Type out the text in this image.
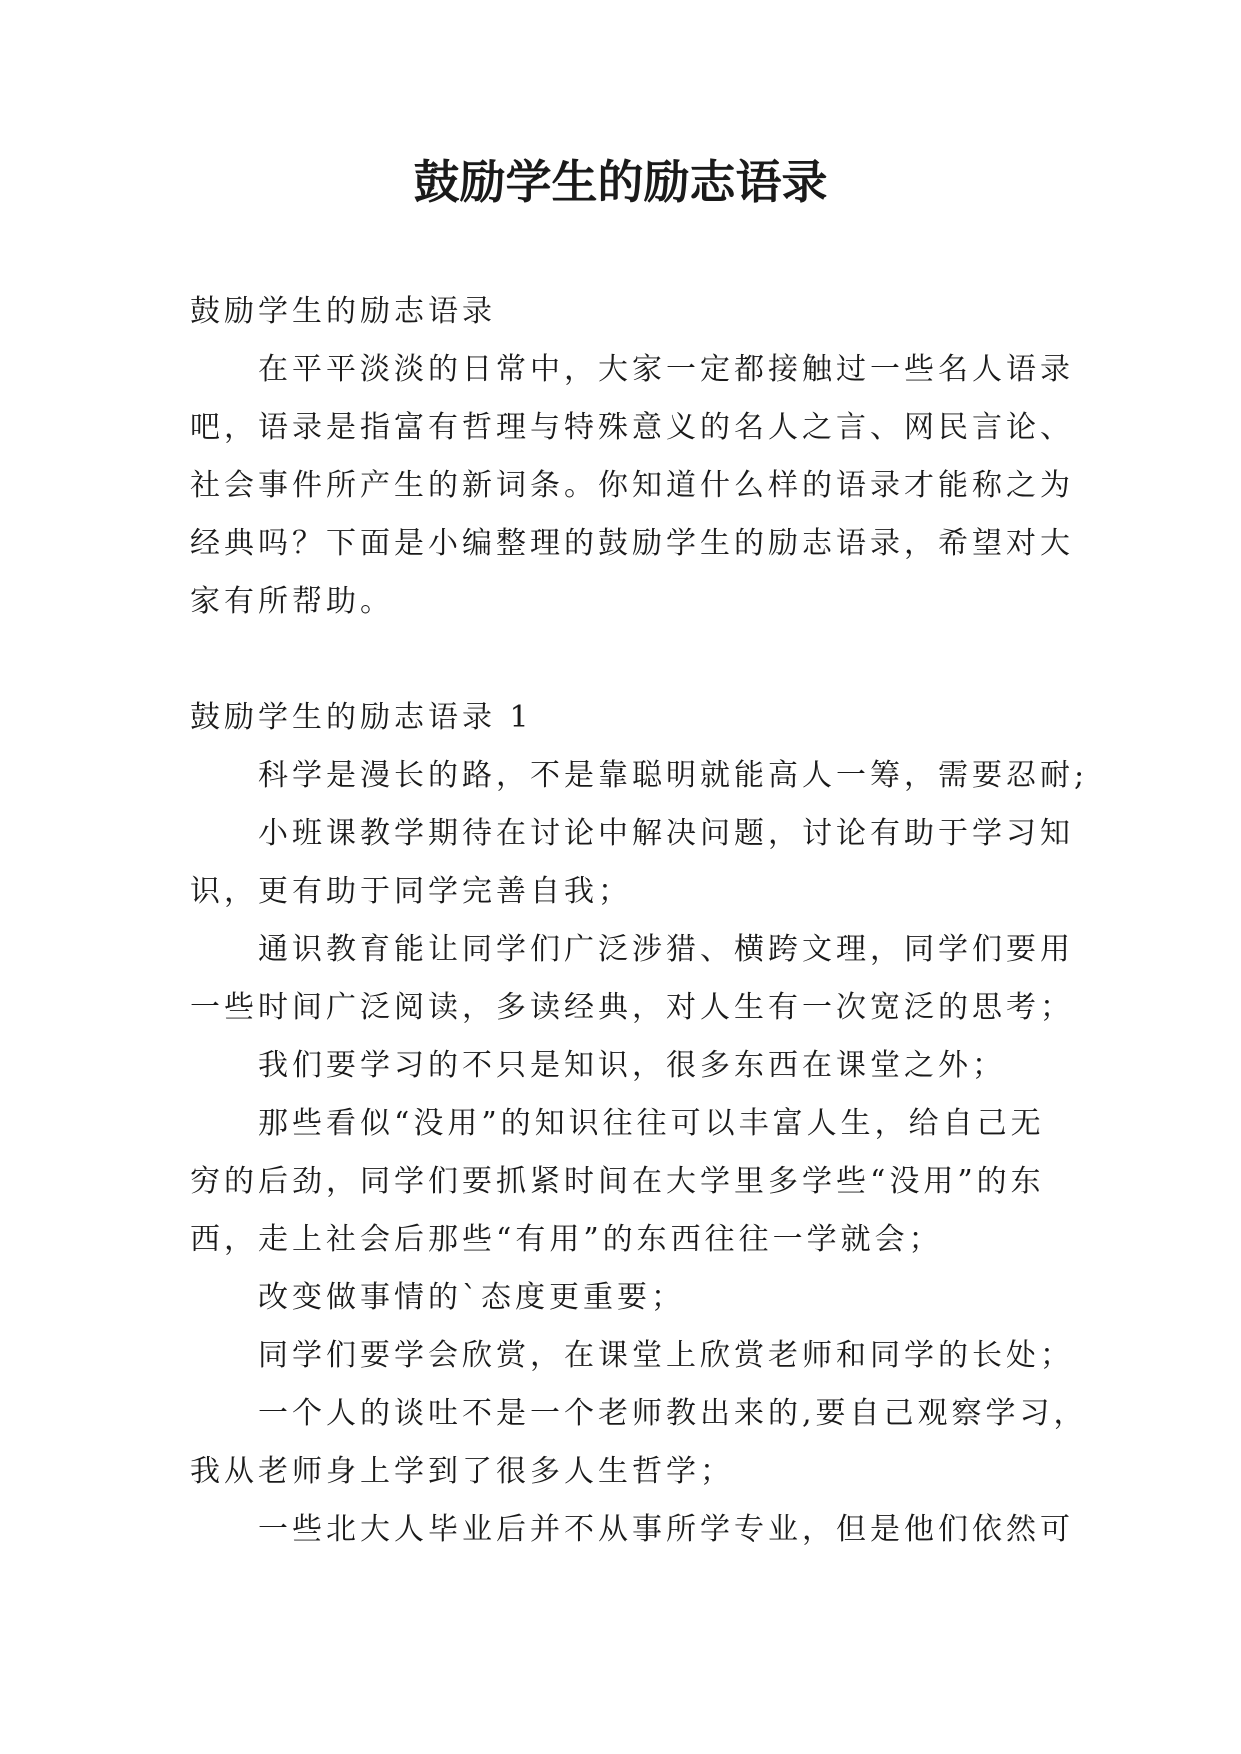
鼓励学生的励志语录

鼓励学生的励志语录

在平平淡淡的日常中，大家一定都接触过一些名人语录

吧，语录是指富有哲理与特殊意义的名人之言、网民言论、

社会事件所产生的新词条。你知道什么样的语录才能称之为

经典吗？下面是小编整理的鼓励学生的励志语录，希望对大

家有所帮助。

鼓励学生的励志语录 1

科学是漫长的路，不是靠聪明就能高人一筹，需要忍耐;

小班课教学期待在讨论中解决问题，讨论有助于学习知

识，更有助于同学完善自我；

通识教育能让同学们广泛涉猎、横跨文理，同学们要用

一些时间广泛阅读，多读经典，对人生有一次宽泛的思考；

我们要学习的不只是知识，很多东西在课堂之外；

那些看似“没用”的知识往往可以丰富人生，给自己无

穷的后劲，同学们要抓紧时间在大学里多学些“没用”的东

西，走上社会后那些“有用”的东西往往一学就会；

改变做事情的`态度更重要；

同学们要学会欣赏，在课堂上欣赏老师和同学的长处；

一个人的谈吐不是一个老师教出来的,要自己观察学习，

我从老师身上学到了很多人生哲学；

一些北大人毕业后并不从事所学专业，但是他们依然可
